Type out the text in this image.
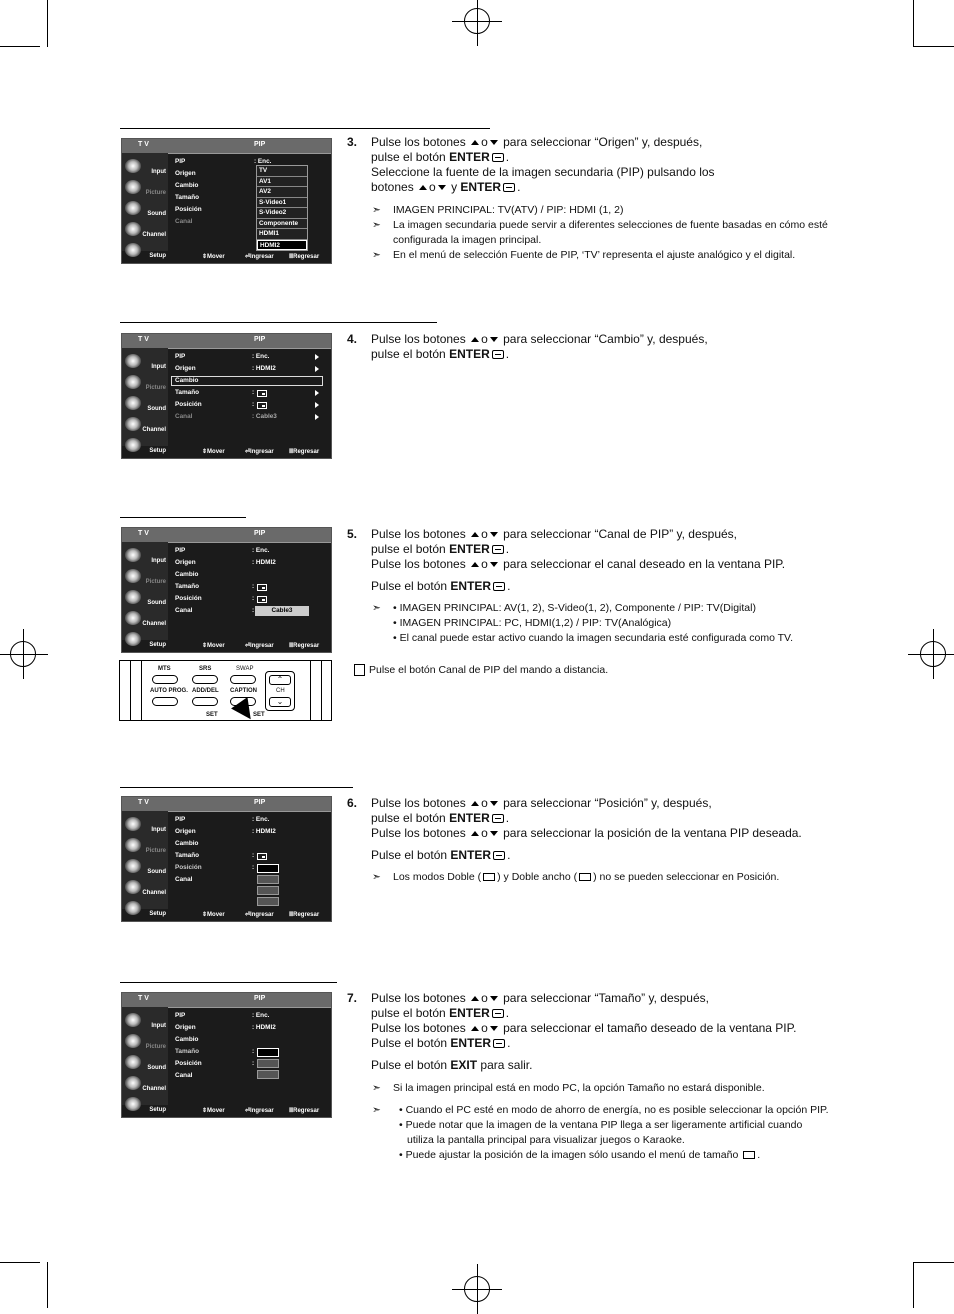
T V	PIP
Input
Picture
Sound
Channel
Setup
PIP
Origen
Cambio
Tamaño
Posición
Canal
: Enc.
TV
AV1
AV2
S-Video1
S-Video2
Componente
HDMI1
HDMI2
⇕Mover	⏎Ingresar	ⅢRegresar
3. Pulse los botones o para seleccionar “Origen” y, después,
pulse el botón ENTER .
Seleccione la fuente de la imagen secundaria (PIP) pulsando los
botones o y ENTER .
➣ IMAGEN PRINCIPAL: TV(ATV) / PIP: HDMI (1, 2)
➣ La imagen secundaria puede servir a diferentes selecciones de fuente basadas en cómo esté configurada la imagen principal.
➣ En el menú de selección Fuente de PIP, ‘TV’ representa el ajuste analógico y el digital.
T V	PIP
Input
Picture
Sound
Channel
Setup
PIP
Origen
Cambio
Tamaño
Posición
Canal
: Enc.
: HDMI2
:
:
: Cable3
⇕Mover	⏎Ingresar	ⅢRegresar
4. Pulse los botones o para seleccionar “Cambio” y, después,
pulse el botón ENTER .
T V	PIP
Input
Picture
Sound
Channel
Setup
PIP
Origen
Cambio
Tamaño
Posición
Canal
: Enc.
: HDMI2
:
:
:	Cable3
⇕Mover	⏎Ingresar	ⅢRegresar
MTS	SRS	SWAP
AUTO PROG. ADD/DEL CAPTION	CH
⌃
⌄
SET	SET
5. Pulse los botones o para seleccionar “Canal de PIP” y, después,
pulse el botón ENTER .
Pulse los botones o para seleccionar el canal deseado en la ventana PIP.
Pulse el botón ENTER .
➣ • IMAGEN PRINCIPAL: AV(1, 2), S-Video(1, 2), Componente / PIP: TV(Digital)
• IMAGEN PRINCIPAL: PC, HDMI(1,2) / PIP: TV(Analógica)
• El canal puede estar activo cuando la imagen secundaria esté configurada como TV.
Pulse el botón Canal de PIP del mando a distancia.
T V	PIP
Input
Picture
Sound
Channel
Setup
PIP
Origen
Cambio
Tamaño
Posición
Canal
: Enc.
: HDMI2
:
:
⇕Mover	⏎Ingresar	ⅢRegresar
6. Pulse los botones o para seleccionar “Posición” y, después,
pulse el botón ENTER .
Pulse los botones o para seleccionar la posición de la ventana PIP deseada.
Pulse el botón ENTER .
➣ Los modos Doble ( ) y Doble ancho ( ) no se pueden seleccionar en Posición.
T V	PIP
Input
Picture
Sound
Channel
Setup
PIP
Origen
Cambio
Tamaño
Posición
Canal
: Enc.
: HDMI2
:
:
⇕Mover	⏎Ingresar	ⅢRegresar
7. Pulse los botones o para seleccionar “Tamaño” y, después,
pulse el botón ENTER .
Pulse los botones o para seleccionar el tamaño deseado de la ventana PIP.
Pulse el botón ENTER .
Pulse el botón EXIT para salir.
➣ Si la imagen principal está en modo PC, la opción Tamaño no estará disponible.
➣ • Cuando el PC esté en modo de ahorro de energía, no es posible seleccionar la opción PIP.
• Puede notar que la imagen de la ventana PIP llega a ser ligeramente artificial cuando
utiliza la pantalla principal para visualizar juegos o Karaoke.
• Puede ajustar la posición de la imagen sólo usando el menú de tamaño .
